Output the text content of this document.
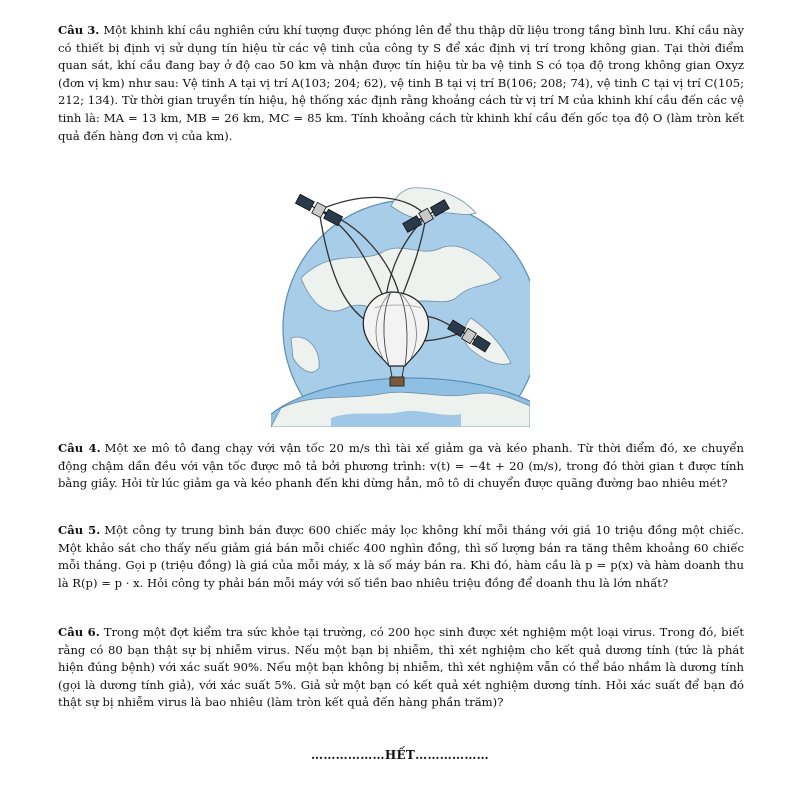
Câu 3. Một khinh khí cầu nghiên cứu khí tượng được phóng lên để thu thập dữ liệu trong tầng bình lưu. Khí cầu này có thiết bị định vị sử dụng tín hiệu từ các vệ tinh của công ty S để xác định vị trí trong không gian. Tại thời điểm quan sát, khí cầu đang bay ở độ cao 50 km và nhận được tín hiệu từ ba vệ tinh S có tọa độ trong không gian Oxyz (đơn vị km) như sau: Vệ tinh A tại vị trí A(103; 204; 62), vệ tinh B tại vị trí B(106; 208; 74), vệ tinh C tại vị trí C(105; 212; 134). Từ thời gian truyền tín hiệu, hệ thống xác định rằng khoảng cách từ vị trí M của khinh khí cầu đến các vệ tinh là: MA = 13 km, MB = 26 km, MC = 85 km. Tính khoảng cách từ khinh khí cầu đến gốc tọa độ O (làm tròn kết quả đến hàng đơn vị của km).

Câu 4. Một xe mô tô đang chạy với vận tốc 20 m/s thì tài xế giảm ga và kéo phanh. Từ thời điểm đó, xe chuyển động chậm dần đều với vận tốc được mô tả bởi phương trình: v(t) = −4t + 20 (m/s), trong đó thời gian t được tính bằng giây. Hỏi từ lúc giảm ga và kéo phanh đến khi dừng hẳn, mô tô di chuyển được quãng đường bao nhiêu mét?

Câu 5. Một công ty trung bình bán được 600 chiếc máy lọc không khí mỗi tháng với giá 10 triệu đồng một chiếc. Một khảo sát cho thấy nếu giảm giá bán mỗi chiếc 400 nghìn đồng, thì số lượng bán ra tăng thêm khoảng 60 chiếc mỗi tháng. Gọi p (triệu đồng) là giá của mỗi máy, x là số máy bán ra. Khi đó, hàm cầu là p = p(x) và hàm doanh thu là R(p) = p · x. Hỏi công ty phải bán mỗi máy với số tiền bao nhiêu triệu đồng để doanh thu là lớn nhất?

Câu 6. Trong một đợt kiểm tra sức khỏe tại trường, có 200 học sinh được xét nghiệm một loại virus. Trong đó, biết rằng có 80 bạn thật sự bị nhiễm virus. Nếu một bạn bị nhiễm, thì xét nghiệm cho kết quả dương tính (tức là phát hiện đúng bệnh) với xác suất 90%. Nếu một bạn không bị nhiễm, thì xét nghiệm vẫn có thể báo nhầm là dương tính (gọi là dương tính giả), với xác suất 5%. Giả sử một bạn có kết quả xét nghiệm dương tính. Hỏi xác suất để bạn đó thật sự bị nhiễm virus là bao nhiêu (làm tròn kết quả đến hàng phần trăm)?

………………HẾT………………
